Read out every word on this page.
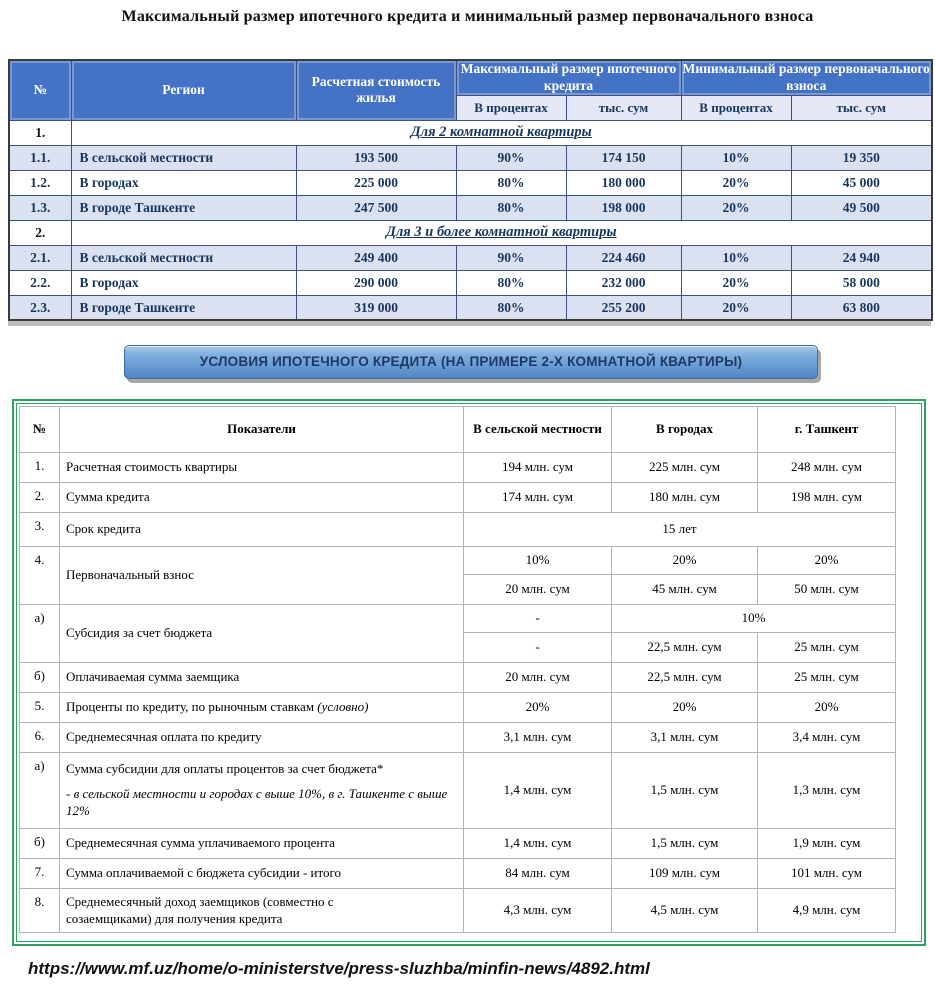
Максимальный размер ипотечного кредита и минимальный размер первоначального взноса
№	Регион	Расчетная стоимость жилья	Максимальный размер ипотечного кредита		Минимальный размер первоначального взноса	
			В процентах	тыс. сум	В процентах	тыс. сум
1.	Для 2 комнатной квартиры					
1.1.	В сельской местности	193 500	90%	174 150	10%	19 350
1.2.	В городах	225 000	80%	180 000	20%	45 000
1.3.	В городе Ташкенте	247 500	80%	198 000	20%	49 500
2.	Для 3 и более комнатной квартиры					
2.1.	В сельской местности	249 400	90%	224 460	10%	24 940
2.2.	В городах	290 000	80%	232 000	20%	58 000
2.3.	В городе Ташкенте	319 000	80%	255 200	20%	63 800
УСЛОВИЯ ИПОТЕЧНОГО КРЕДИТА (НА ПРИМЕРЕ 2-Х КОМНАТНОЙ КВАРТИРЫ)
№	Показатели	В сельской местности	В городах	г. Ташкент
1.	Расчетная стоимость квартиры	194 млн. сум	225 млн. сум	248 млн. сум
2.	Сумма кредита	174 млн. сум	180 млн. сум	198 млн. сум
3.	Срок кредита	15 лет		
4.	Первоначальный взнос	10%	20%	20%
		20 млн. сум	45 млн. сум	50 млн. сум
а)	Субсидия за счет бюджета	-	10%	
		-	22,5 млн. сум	25 млн. сум
б)	Оплачиваемая сумма заемщика	20 млн. сум	22,5 млн. сум	25 млн. сум
5.	Проценты по кредиту, по рыночным ставкам (условно)	20%	20%	20%
6.	Среднемесячная оплата по кредиту	3,1 млн. сум	3,1 млн. сум	3,4 млн. сум
а)	Сумма субсидии для оплаты процентов за счет бюджета*
- в сельской местности и городах с выше 10%, в г. Ташкенте с выше 12%	1,4 млн. сум	1,5 млн. сум	1,3 млн. сум
б)	Среднемесячная сумма уплачиваемого процента	1,4 млн. сум	1,5 млн. сум	1,9 млн. сум
7.	Сумма оплачиваемой с бюджета субсидии - итого	84 млн. сум	109 млн. сум	101 млн. сум
8.	Среднемесячный доход заемщиков (совместно с созаемщиками) для получения кредита	4,3 млн. сум	4,5 млн. сум	4,9 млн. сум
https://www.mf.uz/home/o-ministerstve/press-sluzhba/minfin-news/4892.html
